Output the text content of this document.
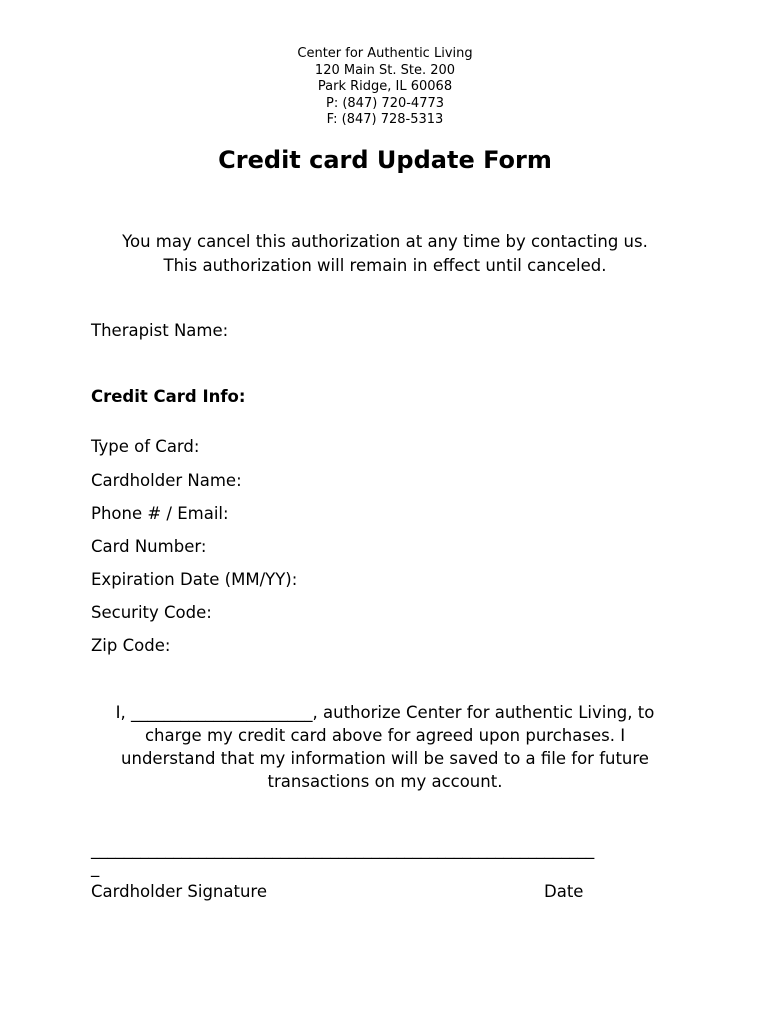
Center for Authentic Living
120 Main St. Ste. 200
Park Ridge, IL 60068
P: (847) 720-4773
F: (847) 728-5313
Credit card Update Form
You may cancel this authorization at any time by contacting us.
This authorization will remain in effect until canceled.
Therapist Name:
Credit Card Info:
Type of Card:
Cardholder Name:
Phone # / Email:
Card Number:
Expiration Date (MM/YY):
Security Code:
Zip Code:
I, ______________________, authorize Center for authentic Living, to
charge my credit card above for agreed upon purchases. I
understand that my information will be saved to a file for future
transactions on my account.
_____________________________________________________________
_
Cardholder Signature	Date
